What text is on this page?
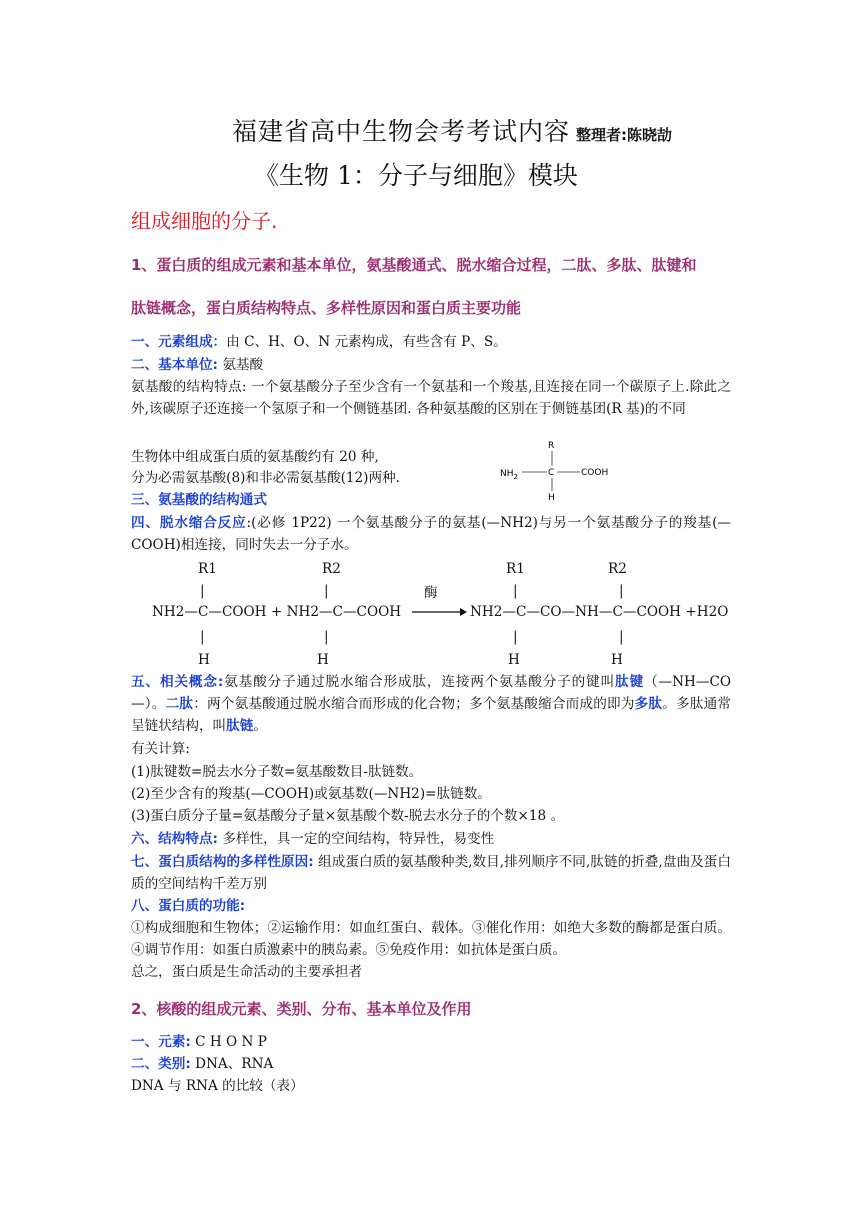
福建省高中生物会考考试内容 整理者:陈晓劼
《生物 1：分子与细胞》模块
组成细胞的分子.
1、蛋白质的组成元素和基本单位，氨基酸通式、脱水缩合过程，二肽、多肽、肽键和
肽链概念，蛋白质结构特点、多样性原因和蛋白质主要功能
一、元素组成：由 C、H、O、N 元素构成，有些含有 P、S。
二、基本单位: 氨基酸
氨基酸的结构特点: 一个氨基酸分子至少含有一个氨基和一个羧基,且连接在同一个碳原子上.除此之外,该碳原子还连接一个氢原子和一个侧链基团. 各种氨基酸的区别在于侧链基团(R 基)的不同
生物体中组成蛋白质的氨基酸约有 20 种,
分为必需氨基酸(8)和非必需氨基酸(12)两种.
R
$NH_2$	C	COOH
H
三、氨基酸的结构通式
四、脱水缩合反应:(必修 1P22) 一个氨基酸分子的氨基(—NH2)与另一个氨基酸分子的羧基(—COOH)相连接，同时失去一分子水。
R1	R2	R1	R2
|	|	|	|
酶
NH2—C—COOH + NH2—C—COOH → NH2—C—CO—NH—C—COOH +H2O
|	|	|	|
H	H	H	H
五、相关概念:氨基酸分子通过脱水缩合形成肽，连接两个氨基酸分子的键叫肽键（—NH—CO—）。二肽：两个氨基酸通过脱水缩合而形成的化合物；多个氨基酸缩合而成的即为多肽。多肽通常呈链状结构，叫肽链。
有关计算:
(1)肽键数=脱去水分子数=氨基酸数目-肽链数。
(2)至少含有的羧基(—COOH)或氨基数(—NH2)=肽链数。
(3)蛋白质分子量=氨基酸分子量×氨基酸个数-脱去水分子的个数×18 。
六、结构特点: 多样性，具一定的空间结构，特异性，易变性
七、蛋白质结构的多样性原因: 组成蛋白质的氨基酸种类,数目,排列顺序不同,肽链的折叠,盘曲及蛋白质的空间结构千差万别
八、蛋白质的功能:
①构成细胞和生物体；②运输作用：如血红蛋白、载体。③催化作用：如绝大多数的酶都是蛋白质。④调节作用：如蛋白质激素中的胰岛素。⑤免疫作用：如抗体是蛋白质。
总之，蛋白质是生命活动的主要承担者
2、核酸的组成元素、类别、分布、基本单位及作用
一、元素: C H O N P
二、类别: DNA、RNA
DNA 与 RNA 的比较（表）
